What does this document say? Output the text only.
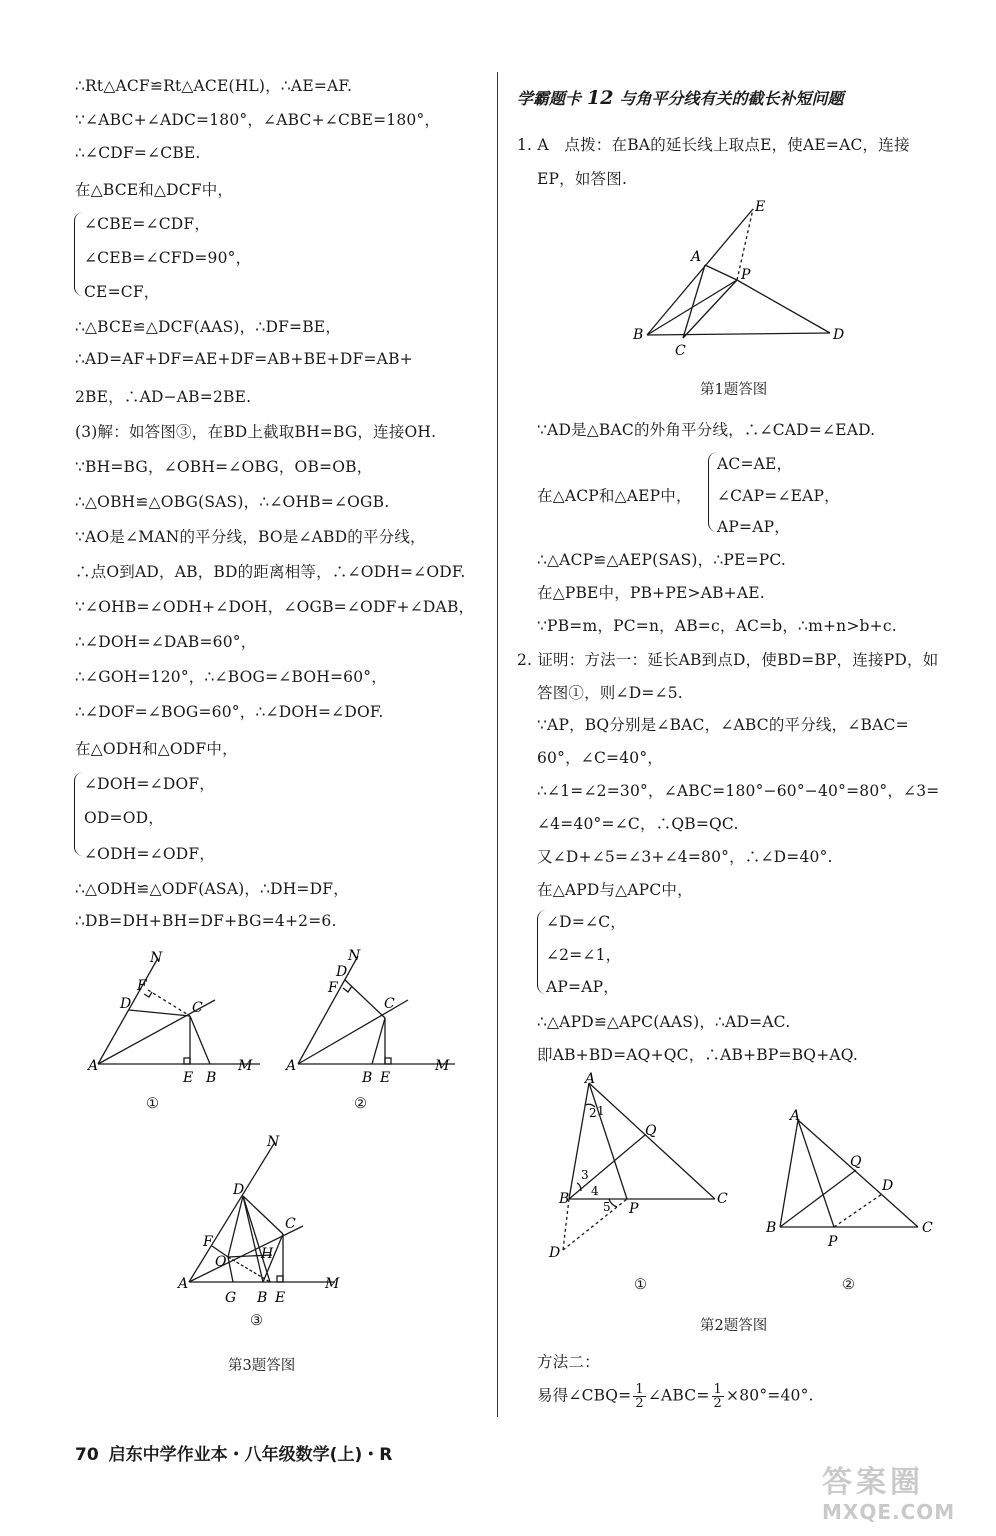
∴Rt△ACF≌Rt△ACE(HL)，∴AE=AF.
∵∠ABC+∠ADC=180°，∠ABC+∠CBE=180°，
∴∠CDF=∠CBE.
在△BCE和△DCF中，
∠CBE=∠CDF，
∠CEB=∠CFD=90°，
CE=CF，
∴△BCE≌△DCF(AAS)，∴DF=BE，
∴AD=AF+DF=AE+DF=AB+BE+DF=AB+
2BE，∴AD−AB=2BE.
(3)解：如答图③，在BD上截取BH=BG，连接OH.
∵BH=BG，∠OBH=∠OBG，OB=OB，
∴△OBH≌△OBG(SAS)，∴∠OHB=∠OGB.
∵AO是∠MAN的平分线，BO是∠ABD的平分线，
∴点O到AD，AB，BD的距离相等，∴∠ODH=∠ODF.
∵∠OHB=∠ODH+∠DOH，∠OGB=∠ODF+∠DAB，
∴∠DOH=∠DAB=60°，
∴∠GOH=120°，∴∠BOG=∠BOH=60°，
∴∠DOF=∠BOG=60°，∴∠DOH=∠DOF.
在△ODH和△ODF中，
∠DOH=∠DOF，
OD=OD，
∠ODH=∠ODF，
∴△ODH≌△ODF(ASA)，∴DH=DF，
∴DB=DH+BH=DF+BG=4+2=6.
N
F
D	C
A
E B
M
①
N
D
F
C
A
B E
M
②
N
D
C
F
O H
A
G B E
M
③
第3题答图
学霸题卡 12 与角平分线有关的截长补短问题
1. A　点拨：在BA的延长线上取点E，使AE=AC，连接
EP，如答图.
E
A
P
B
C
D
第1题答图
∵AD是△BAC的外角平分线，∴∠CAD=∠EAD.
AC=AE，
在△ACP和△AEP中， ∠CAP=∠EAP，
AP=AP，
∴△ACP≌△AEP(SAS)，∴PE=PC.
在△PBE中，PB+PE>AB+AE.
∵PB=m，PC=n，AB=c，AC=b，∴m+n>b+c.
2. 证明：方法一：延长AB到点D，使BD=BP，连接PD，如
答图①，则∠D=∠5.
∵AP，BQ分别是∠BAC，∠ABC的平分线，∠BAC=
60°，∠C=40°，
∴∠1=∠2=30°，∠ABC=180°−60°−40°=80°，∠3=
∠4=40°=∠C，∴QB=QC.
又∠D+∠5=∠3+∠4=80°，∴∠D=40°.
在△APD与△APC中，
∠D=∠C，
∠2=∠1，
AP=AP，
∴△APD≌△APC(AAS)，∴AD=AC.
即AB+BD=AQ+QC，∴AB+BP=BQ+AQ.
A
2 1
Q
3
4
B	5 P
C
D
①
A
Q
D
B
P
C
②
第2题答图
方法二：
易得∠CBQ= $\frac{1}{2}$ ∠ABC= $\frac{1}{2} \times 80^\circ=40^\circ$.
70 启东中学作业本・八年级数学(上)・R
答案圈
MXQE.COM
